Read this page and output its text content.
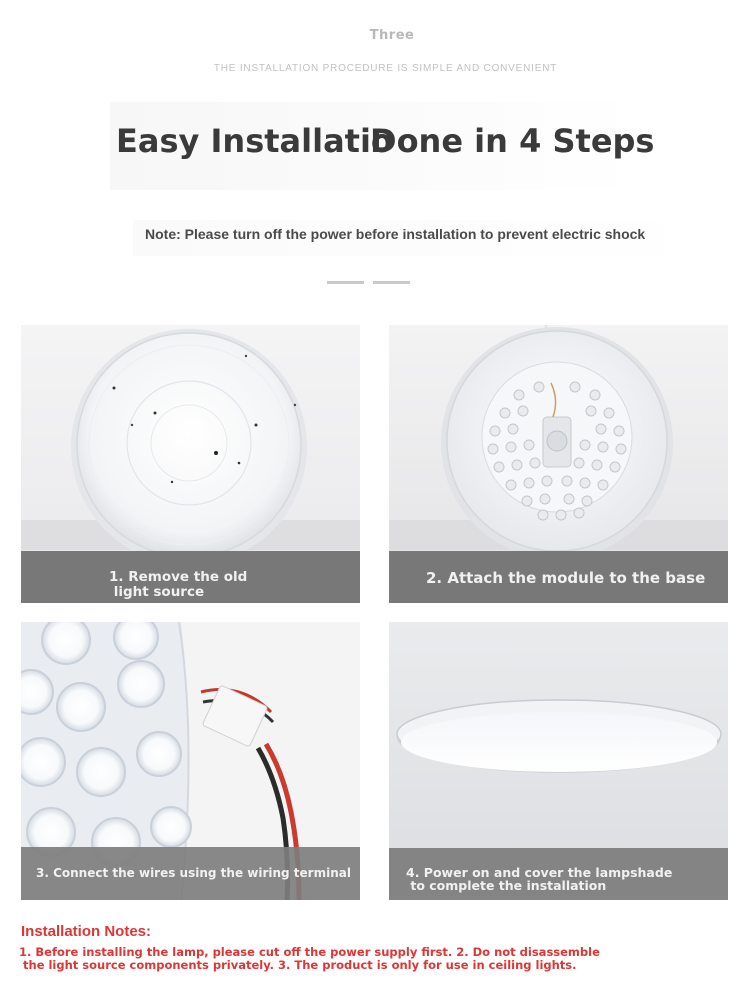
Three
THE INSTALLATION PROCEDURE IS SIMPLE AND CONVENIENT
Easy Installatio
Done in 4 Steps
Note: Please turn off the power before installation to prevent electric shock
1. Remove the old
light source
2. Attach the module to the base
3. Connect the wires using the wiring terminal	4. Power on and cover the lampshade
to complete the installation
Installation Notes:
1. Before installing the lamp, please cut off the power supply first. 2. Do not disassemble
the light source components privately. 3. The product is only for use in ceiling lights.
